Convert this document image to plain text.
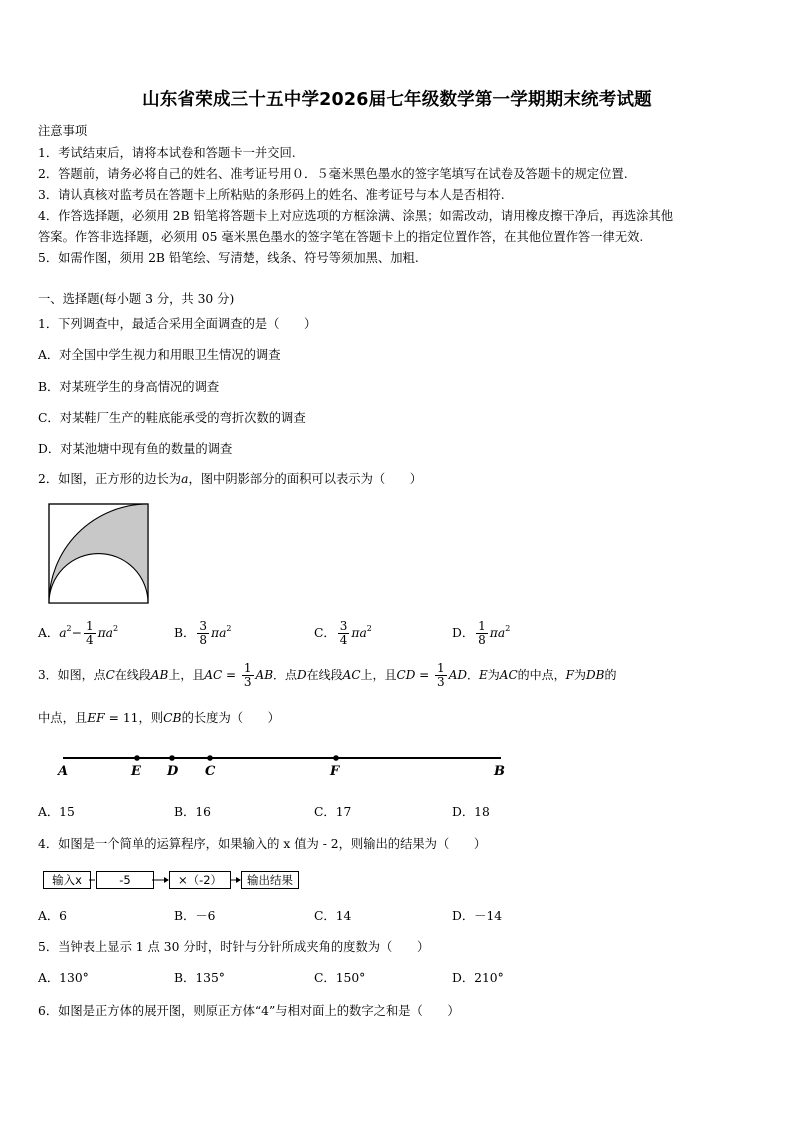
山东省荣成三十五中学2026届七年级数学第一学期期末统考试题
注意事项
1．考试结束后，请将本试卷和答题卡一并交回.
2．答题前，请务必将自己的姓名、准考证号用０．５毫米黑色墨水的签字笔填写在试卷及答题卡的规定位置.
3．请认真核对监考员在答题卡上所粘贴的条形码上的姓名、准考证号与本人是否相符.
4．作答选择题，必须用 2B 铅笔将答题卡上对应选项的方框涂满、涂黑；如需改动，请用橡皮擦干净后，再选涂其他
答案。作答非选择题，必须用 05 毫米黑色墨水的签字笔在答题卡上的指定位置作答，在其他位置作答一律无效.
5．如需作图，须用 2B 铅笔绘、写清楚，线条、符号等须加黑、加粗.
一、选择题(每小题 3 分，共 30 分)
1．下列调查中，最适合采用全面调查的是（　　）
A．对全国中学生视力和用眼卫生情况的调查
B．对某班学生的身高情况的调查
C．对某鞋厂生产的鞋底能承受的弯折次数的调查
D．对某池塘中现有鱼的数量的调查
2．如图，正方形的边长为a，图中阴影部分的面积可以表示为（　　）
A．$a^2- \frac{1}{4} \pi a^2$	B． $\frac{3}{8} \pi a^2$	C． $\frac{3}{4} \pi a^2$	D． $\frac{1}{8} \pi a^2$
3．如图，点C在线段AB上，且AC = $\frac{1}{3}$ AB．点D在线段AC上，且CD = $\frac{1}{3}$ AD．E为AC的中点，F为DB的
中点，且EF = 11，则CB的长度为（　　）
A	E D C	F	B
A．15	B．16	C．17	D．18
4．如图是一个简单的运算程序，如果输入的 x 值为 - 2，则输出的结果为（　　）
输入x	-5	×（-2）	输出结果
A．6	B．－6	C．14	D．－14
5．当钟表上显示 1 点 30 分时，时针与分针所成夹角的度数为（　　）
A．130°	B．135°	C．150°	D．210°
6．如图是正方体的展开图，则原正方体“4”与相对面上的数字之和是（　　）
